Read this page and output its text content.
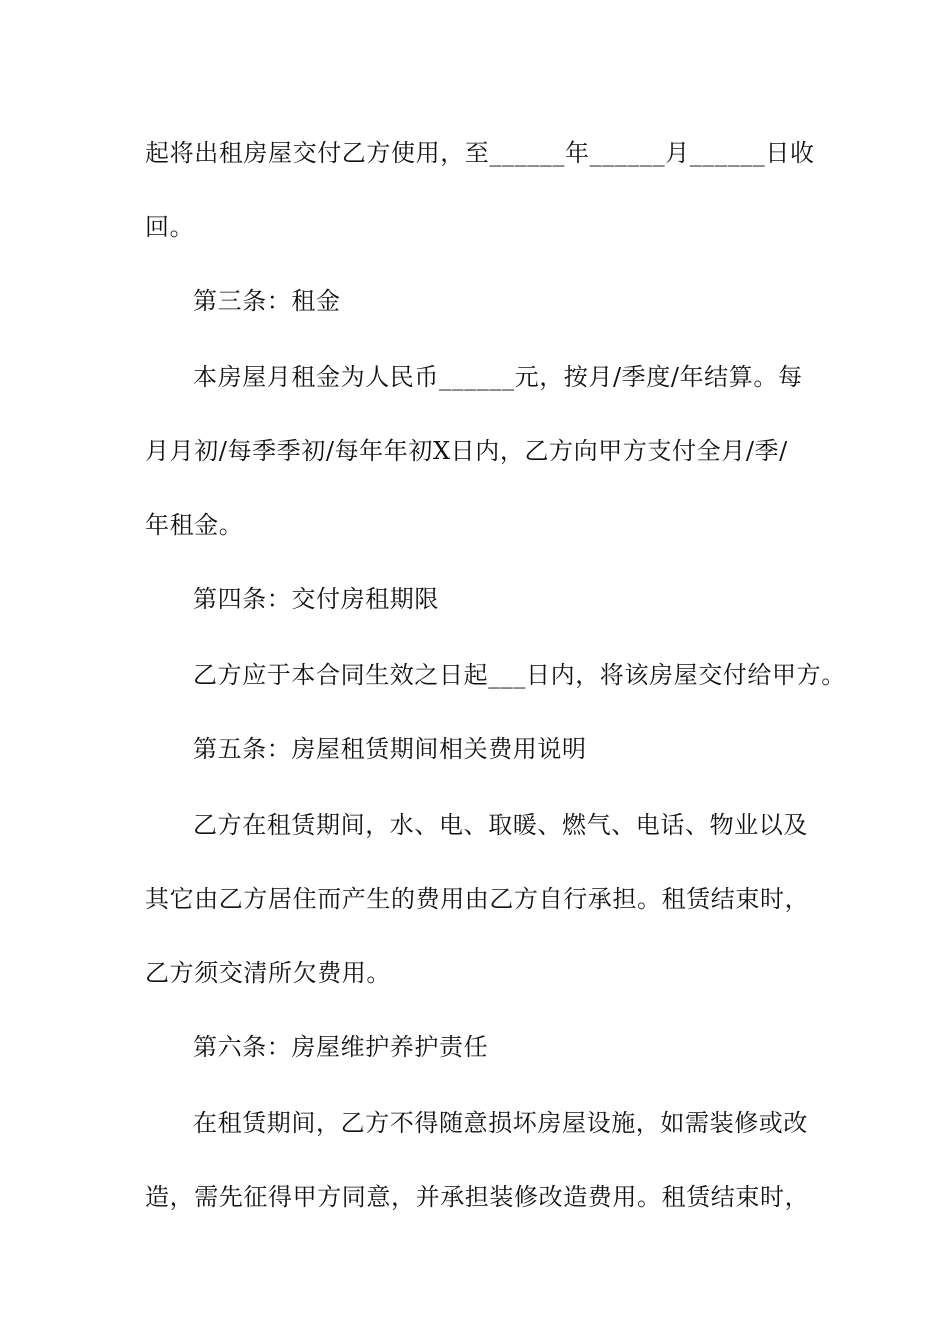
起将出租房屋交付乙方使用，至______年______月______日收
回。
第三条：租金
本房屋月租金为人民币______元，按月/季度/年结算。每
月月初/每季季初/每年年初X日内，乙方向甲方支付全月/季/
年租金。
第四条：交付房租期限
乙方应于本合同生效之日起___日内，将该房屋交付给甲方。
第五条：房屋租赁期间相关费用说明
乙方在租赁期间，水、电、取暖、燃气、电话、物业以及
其它由乙方居住而产生的费用由乙方自行承担。租赁结束时，
乙方须交清所欠费用。
第六条：房屋维护养护责任
在租赁期间，乙方不得随意损坏房屋设施，如需装修或改
造，需先征得甲方同意，并承担装修改造费用。租赁结束时，
